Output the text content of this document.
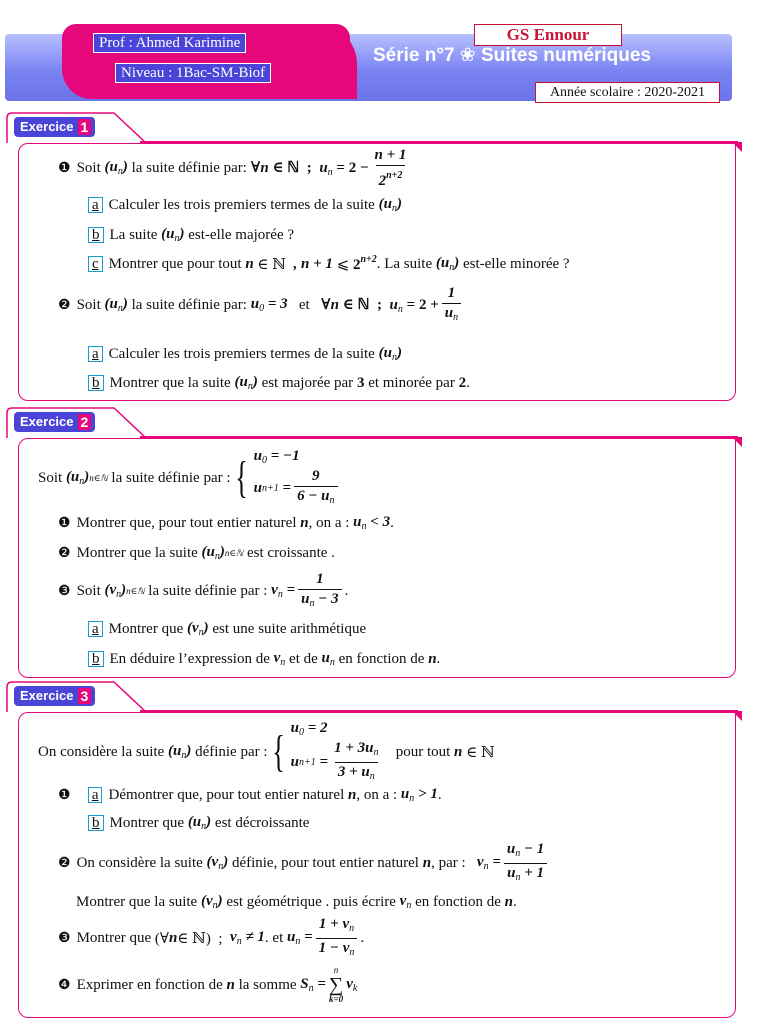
Prof : Ahmed Karimine
Niveau : 1Bac-SM-Biof
GS Ennour
Série n°7 ❀ Suites numériques
Année scolaire : 2020-2021
Exercice 1
❶ Soit
$(u_n)$
la suite définie par:
∀n ∈ ℕ  ;  $u_n = 2 - \frac{n + 1}{2^{n+2}}$
a Calculer les trois premiers termes de la suite
$(u_n)$
b La suite
$(u_n)$
est-elle majorée ?
c Montrer que pour tout
n ∈ ℕ , n + 1 ⩽ $2^{n+2}$ . La suite
$(u_n)$
est-elle minorée ?
❷ Soit
$(u_n)$
la suite définie par:
$u_0 = 3$
et
∀n ∈ ℕ  ;  $u_n = 2 + \frac{1}{u_n}$
a Calculer les trois premiers termes de la suite
$(u_n)$
b Montrer que la suite
$(u_n)$
est majorée par
3
et minorée par
2 .
Exercice 2
Soit
$(u_n)$ n∈ℕ
la suite définie par : { $u_0 = -1$
u $n+1 = \frac{9}{6 - u_n}$
❶ Montrer que, pour tout entier naturel
n , on a :
$u_n < 3$ .
❷ Montrer que la suite
$(u_n)$ n∈ℕ
est croissante .
❸ Soit
$(v_n)$ n∈ℕ
la suite définie par :
$v_n = \frac{1}{u_n - 3}$ .
a Montrer que
$(v_n)$
est une suite arithmétique
b En déduire l’expression de
$v_n$
et de
$u_n$
en fonction de
n .
Exercice 3
On considère la suite
$(u_n)$
définie par : { $u_0 = 2$
u $n+1 = \frac{1 + 3u_n}{3 + u_n}$
pour tout
n ∈ ℕ
❶
a Démontrer que, pour tout entier naturel
n , on a :
$u_n > 1$ .
b Montrer que
$(u_n)$
est décroissante
❷ On considère la suite
$(v_n)$
définie, pour tout entier naturel
n , par :
$v_n = \frac{u_n - 1}{u_n + 1}$
Montrer que la suite
$(v_n)$
est géométrique . puis écrire
$v_n$
en fonction de
n .
❸ Montrer que (∀ n ∈ ℕ)  ; $v_n \ne 1$ . et
$u_n = \frac{1 + v_n}{1 - v_n}$ .
❹ Exprimer en fonction de
n
la somme
$S_n$ =
n
∑
k=0
$v_k$
